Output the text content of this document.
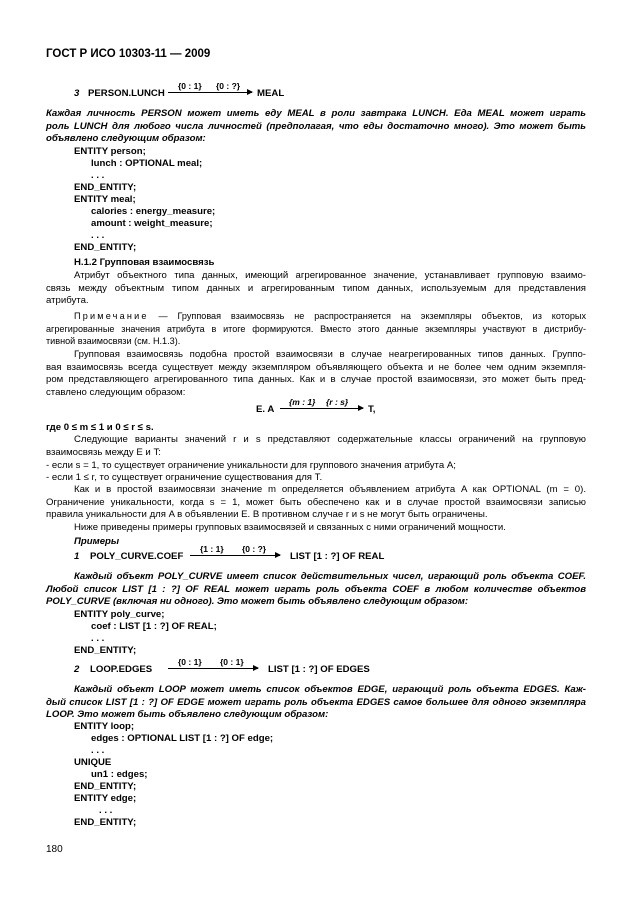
ГОСТ Р ИСО 10303-11 — 2009
3 PERSON.LUNCH
{0 : 1} {0 : ?}
MEAL
Каждая личность PERSON может иметь еду MEAL в роли завтрака LUNCH. Еда MEAL может играть
роль LUNCH для любого числа личностей (предполагая, что еды достаточно много). Это может быть
объявлено следующим образом:
ENTITY person;
lunch : OPTIONAL meal;
. . .
END_ENTITY;
ENTITY meal;
calories : energy_measure;
amount : weight_measure;
. . .
END_ENTITY;
H.1.2 Групповая взаимосвязь
Атрибут объектного типа данных, имеющий агрегированное значение, устанавливает групповую взаимо-
связь между объектным типом данных и агрегированным типом данных, используемым для представления
атрибута.
Примечание — Групповая взаимосвязь не распространяется на экземпляры объектов, из которых
агрегированные значения атрибута в итоге формируются. Вместо этого данные экземпляры участвуют в дистрибу-
тивной взаимосвязи (см. Н.1.3).
Групповая взаимосвязь подобна простой взаимосвязи в случае неагрегированных типов данных. Группо-
вая взаимосвязь всегда существует между экземпляром объявляющего объекта и не более чем одним экземпля-
ром представляющего агрегированного типа данных. Как и в случае простой взаимосвязи, это может быть пред-
ставлено следующим образом:
E. A
{m : 1} {r : s}
T,
где 0 ≤ m ≤ 1 и 0 ≤ r ≤ s.
Следующие варианты значений r и s представляют содержательные классы ограничений на групповую
взаимосвязь между E и T:
- если s = 1, то существует ограничение уникальности для группового значения атрибута A;
- если 1 ≤ r, то существует ограничение существования для T.
Как и в простой взаимосвязи значение m определяется объявлением атрибута A как OPTIONAL (m = 0).
Ограничение уникальности, когда s = 1, может быть обеспечено как и в случае простой взаимосвязи записью
правила уникальности для A в объявлении E. В противном случае r и s не могут быть ограничены.
Ниже приведены примеры групповых взаимосвязей и связанных с ними ограничений мощности.
Примеры
1 POLY_CURVE.COEF
{1 : 1} {0 : ?}
LIST [1 : ?] OF REAL
Каждый объект POLY_CURVE имеет список действительных чисел, играющий роль объекта COEF.
Любой список LIST [1 : ?] OF REAL может играть роль объекта COEF в любом количестве объектов
POLY_CURVE (включая ни одного). Это может быть объявлено следующим образом:
ENTITY poly_curve;
coef : LIST [1 : ?] OF REAL;
. . .
END_ENTITY;
2 LOOP.EDGES
{0 : 1} {0 : 1}
LIST [1 : ?] OF EDGES
Каждый объект LOOP может иметь список объектов EDGE, играющий роль объекта EDGES. Каж-
дый список LIST [1 : ?] OF EDGE может играть роль объекта EDGES самое большее для одного экземпляра
LOOP. Это может быть объявлено следующим образом:
ENTITY loop;
edges : OPTIONAL LIST [1 : ?] OF edge;
. . .
UNIQUE
un1 : edges;
END_ENTITY;
ENTITY edge;
. . .
END_ENTITY;
180
